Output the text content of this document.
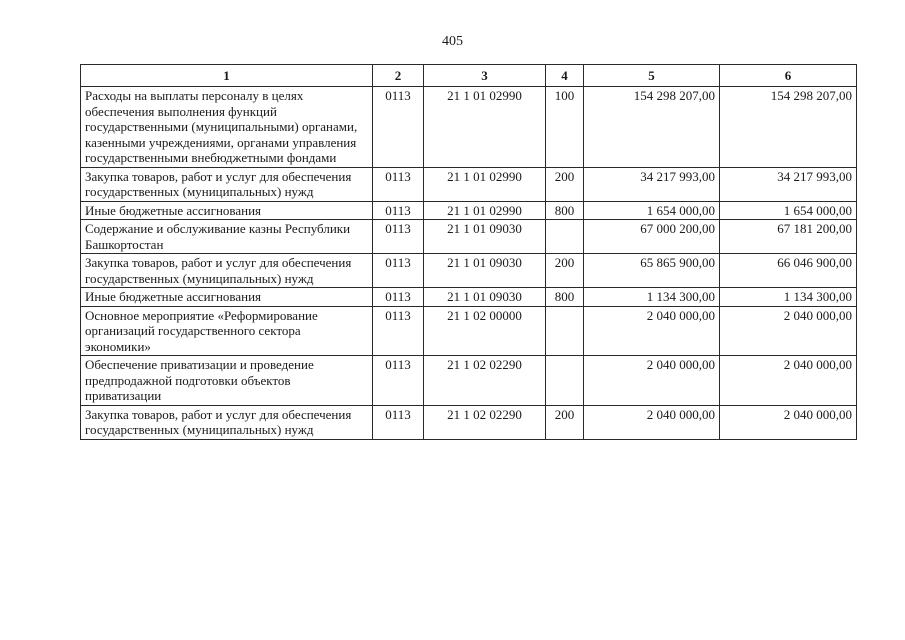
405
1	2	3	4	5	6
Расходы на выплаты персоналу в целях обеспечения выполнения функций государственными (муниципальными) органами, казенными учреждениями, органами управления государственными внебюджетными фондами	0113	21 1 01 02990	100	154 298 207,00	154 298 207,00
Закупка товаров, работ и услуг для обеспечения государственных (муниципальных) нужд	0113	21 1 01 02990	200	34 217 993,00	34 217 993,00
Иные бюджетные ассигнования	0113	21 1 01 02990	800	1 654 000,00	1 654 000,00
Содержание и обслуживание казны Республики Башкортостан	0113	21 1 01 09030		67 000 200,00	67 181 200,00
Закупка товаров, работ и услуг для обеспечения государственных (муниципальных) нужд	0113	21 1 01 09030	200	65 865 900,00	66 046 900,00
Иные бюджетные ассигнования	0113	21 1 01 09030	800	1 134 300,00	1 134 300,00
Основное мероприятие «Реформирование организаций государственного сектора экономики»	0113	21 1 02 00000		2 040 000,00	2 040 000,00
Обеспечение приватизации и проведение предпродажной подготовки объектов приватизации	0113	21 1 02 02290		2 040 000,00	2 040 000,00
Закупка товаров, работ и услуг для обеспечения государственных (муниципальных) нужд	0113	21 1 02 02290	200	2 040 000,00	2 040 000,00
